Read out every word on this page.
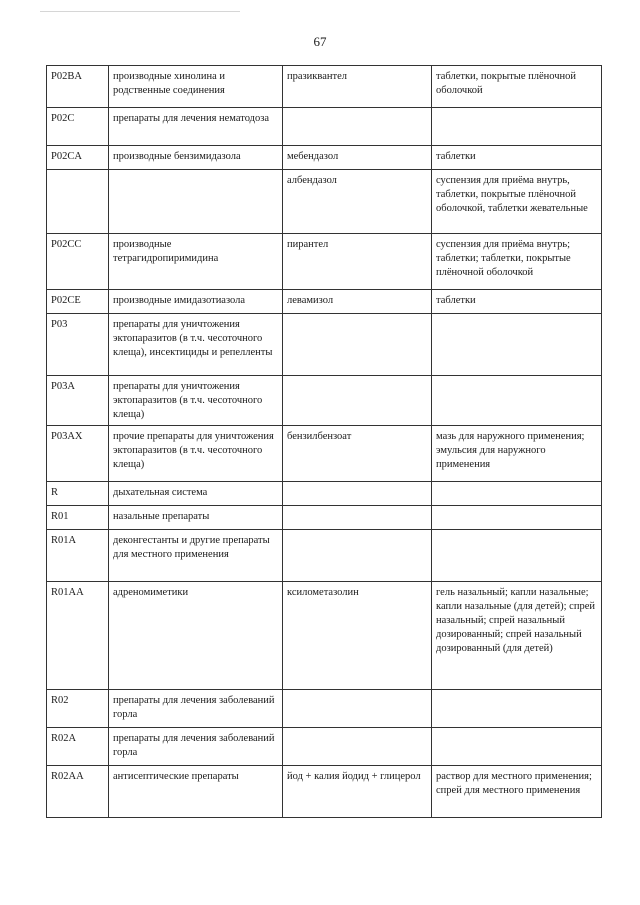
67
P02BA	производные хинолина и родственные соединения	празиквантел	таблетки, покрытые плёночной оболочкой
P02C	препараты для лечения нематодоза		
P02CA	производные бензимидазола	мебендазол	таблетки
		албендазол	суспензия для приёма внутрь, таблетки, покрытые плёночной оболочкой, таблетки жевательные
P02CC	производные тетрагидропиримидина	пирантел	суспензия для приёма внутрь; таблетки; таблетки, покрытые плёночной оболочкой
P02CE	производные имидазотиазола	левамизол	таблетки
P03	препараты для уничтожения эктопаразитов (в т.ч. чесоточного клеща), инсектициды и репелленты		
P03A	препараты для уничтожения эктопаразитов (в т.ч. чесоточного клеща)		
P03AX	прочие препараты для уничтожения эктопаразитов (в т.ч. чесоточного клеща)	бензилбензоат	мазь для наружного применения; эмульсия для наружного применения
R	дыхательная система		
R01	назальные препараты		
R01A	деконгестанты и другие препараты для местного применения		
R01AA	адреномиметики	ксилометазолин	гель назальный; капли назальные; капли назальные (для детей); спрей назальный; спрей назальный дозированный; спрей назальный дозированный (для детей)
R02	препараты для лечения заболеваний горла		
R02A	препараты для лечения заболеваний горла		
R02AA	антисептические препараты	йод + калия йодид + глицерол	раствор для местного применения; спрей для местного применения
